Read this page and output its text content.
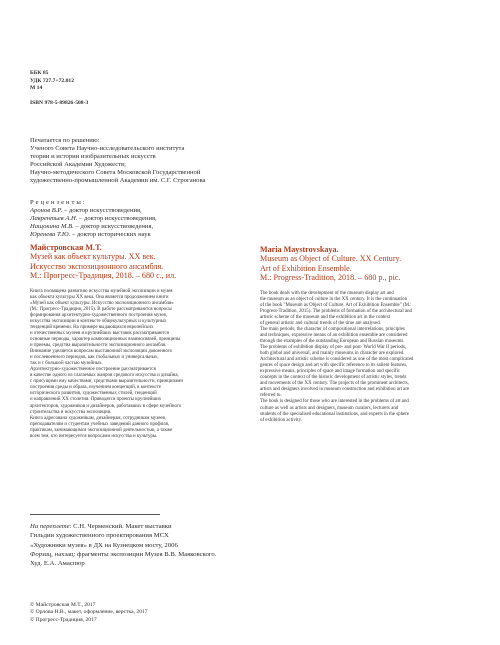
ББК 85
УДК 727.7+72.012
М 14
ISBN 978-5-89826-508-3
Печатается по решению:
Ученого Совета Научно-исследовательского института
теории и истории изобразительных искусств
Российской Академии Художеств;
Научно-методического Совета Московской Государственной
художественно-промышленной Академии им. С.Г. Строганова
Рецензенты:
Аронов В.Р. – доктор искусствоведения,
Лаврентьев А.Н. – доктор искусствоведения,
Нащокина М.В. – доктор искусствоведения,
Юренева Т.Ю. – доктор исторических наук
Майстровская М.Т.
Музей как объект культуры. XX век.
Искусство экспозиционного ансамбля.
М.: Прогресс-Традиция, 2018. – 680 с., ил.

Книга посвящена развитию искусства музейной экспозиции и музея

как объекта культуры XX века. Она является продолжением книги

«Музей как объект культуры. Искусство экспозиционного ансамбля»

(М.: Прогресс-Традиция, 2015). В работе рассматриваются вопросы

формирования архитектурно-художественного построения музея,

искусства экспозиции в контексте общекультурных и культурных

тенденций времени. На примере выдающихся европейских

и отечественных музеев и крупнейших выставок рассматриваются

основные периоды, характер композиционных взаимосвязей, принципы

и приемы, средства выразительности экспозиционного ансамбля.

Внимание уделяется вопросам выставочной экспозиции довоенного

и послевоенного периодов, как глобальных и универсальных,

так и с большой частью музейных.

Архитектурно-художественное построение рассматривается

в качестве одного из слагаемых жанров средового искусства и дизайна,

с присущими ему качествами, средствами выразительности, принципами

построения среды и образа, изучением концепций, в контексте

исторического развития, художественных стилей, тенденций

и направлений XX столетия. Приводятся проекты крупнейших

архитекторов, художников и дизайнеров, работавших в сфере музейного

строительства и искусства экспозиции.

Книга адресована художникам, дизайнерам, сотрудникам музеев,

преподавателям и студентам учебных заведений данного профиля,

практикам, занимающимся экспозиционной деятельностью, а также

всем тем, кто интересуется вопросами искусства и культуры.

Maria Maystrovskaya.
Museum as Object of Culture. XX Century.
Art of Exhibition Ensemble.
M.: Progress-Tradition, 2018. – 680 p., pic.

The book deals with the development of the museum display art and

the museum as an object of culture in the XX century. It is the continuation

of the book "Museum as Object of Culture. Art of Exhibition Ensemble" (M.:

Progress-Tradition, 2015). The problems of formation of the architectural and

artistic scheme of the museum and the exhibition art in the context

of general artistic and cultural trends of the time are analysed.

The main periods, the character of compositional interrelations, principles

and techniques, expressive means of an exhibition ensemble are considered

through the examples of the outstanding European and Russian museums.

The problems of exhibition display of pre- and post- World War II periods,

both global and universal, and mainly museums in character are explored.

Architectural and artistic scheme is considered as one of the most complicated

genres of space design and art with specific reference to its salient features,

expressive means, principles of space and image formation and specific

concepts in the context of the historic development of artistic styles, trends

and movements of the XX century. The projects of the prominent architects,

artists and designers involved in museum construction and exhibition art are

referred to.

The book is designed for those who are interested in the problems of art and

culture as well as artists and designers, museum curators, lecturers and

students of the specialised educational institutions, and experts in the sphere

of exhibition activity.

На переплете: С.Н. Черменский. Макет выставки
Гильдии художественного проектирования МСХ
«Художники музея» в ДХ на Кузнецком мосту, 2006
Форзац, нахзац: фрагменты экспозиции Музея В.В. Маяковского.
Худ. Е.А. Амаспюр
© Майстровская М.Т., 2017
© Орлова Н.В., макет, оформление, верстка, 2017
© Прогресс-Традиция, 2017
